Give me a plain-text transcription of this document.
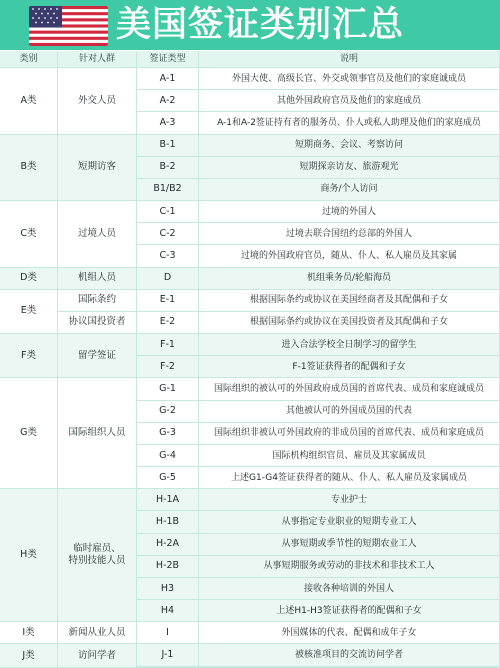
美国签证类别汇总
类别	针对人群	签证类型	说明
A类	外交人员
A-1	外国大使、高级长官、外交或领事官员及他们的家庭诚成员
A-2	其他外国政府官员及他们的家庭成员
A-3	A-1和A-2签证持有者的服务员、仆人或私人助理及他们的家庭成员
B类	短期访客
B-1	短期商务、会议、考察访问
B-2	短期探亲访友、旅游观光
B1/B2	商务/个人访问
C类	过境人员
C-1	过境的外国人
C-2	过境去联合国纽约总部的外国人
C-3	过境的外国政府官员，随从、仆人、私人雇员及其家属
D类	机组人员	D	机组乘务员/轮船海员
E类
国际条约	E-1	根据国际条约或协议在美国经商者及其配偶和子女
协议国投资者	E-2	根据国际条约或协议在美国投资者及其配偶和子女
F类	留学签证
F-1	进入合法学校全日制学习的留学生
F-2	F-1签证获得者的配偶和子女
G类	国际组织人员
G-1	国际组织的被认可的外国政府成员国的首席代表、成员和家庭诚成员
G-2	其他被认可的外国成员国的代表
G-3	国际组织非被认可外国政府的非成员国的首席代表、成员和家庭成员
G-4	国际机构组织官员、雇员及其家属成员
G-5	上述G1-G4签证获得者的随从、仆人、私人雇员及家属成员
H类
临时雇员、
特别技能人员
H-1A	专业护士
H-1B	从事指定专业职业的短期专业工人
H-2A	从事短期或季节性的短期农业工人
H-2B	从事短期服务或劳动的非技术和非技术工人
H3	接收各种培训的外国人
H4	上述H1-H3签证获得者的配偶和子女
I类	新闻从业人员	I	外国媒体的代表、配偶和成年子女
J类	访问学者	J-1	被核准项目的交流访问学者
